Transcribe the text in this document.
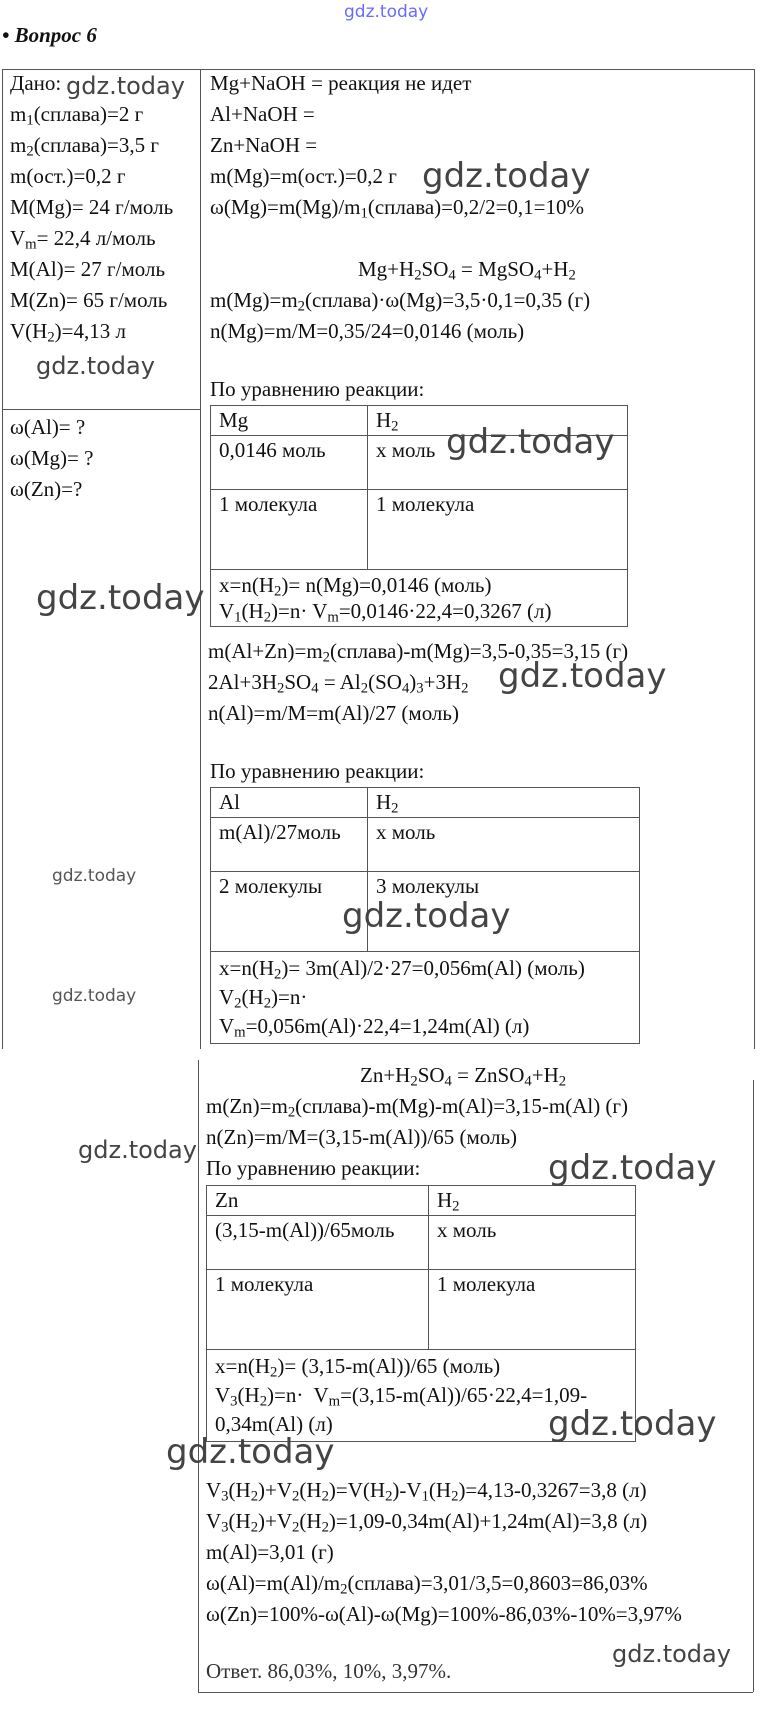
gdz.today
• Вопрос 6
Дано:
$m_1(сплава)=2$ г
$m_2(сплава)=3,5$ г
m(ост.)=0,2 г
M(Mg)= 24 г/моль
$V_m= 22,4$ л/моль
M(Al)= 27 г/моль
M(Zn)= 65 г/моль
$V(H_2)=4,13$ л
ω(Al)= ?
ω(Mg)= ?
ω(Zn)=?
Mg+NaOH = реакция не идет
Al+NaOH =
Zn+NaOH =
m(Mg)=m(ост.)=0,2 г
$\omega(Mg)=m(Mg)/m_1(сплава)=0,2/2=0,1=10\%$
$Mg+H_2SO_4$ = $MgSO_4+H_2$
$m(Mg)=m_2(сплава)\cdot\omega(Mg)=3,5\cdot 0,1=0,35$ (г)
n(Mg)=m/M=0,35/24=0,0146 (моль)
По уравнению реакции:
Mg	$H_2$
0,0146 моль	x моль
1 молекула	1 молекула
$x=n(H_2)= n(Mg)=0,0146$ (моль)
$V_1(H_2)=n\cdot V_m=0,0146\cdot 22,4=0,3267$ (л)	
$m(Al+Zn)=m_2(сплава)-m(Mg)=3,5-0,35=3,15$ (г)
$2Al+3H_2SO_4 = Al_2(SO_4)_3+3H_2$
n(Al)=m/M=m(Al)/27 (моль)
По уравнению реакции:
Al	$H_2$
m(Al)/27моль	x моль
2 молекулы	3 молекулы
$x=n(H_2)= 3m(Al)/2\cdot 27=0,056m(Al)$ (моль)
$V_2(H_2)=n\cdot$
$V_m=0,056m(Al)\cdot 22,4=1,24m(Al)$ (л)	
$Zn+H_2SO_4$ = $ZnSO_4+H_2$
$m(Zn)=m_2(сплава)-m(Mg)-m(Al)=3,15-m(Al)$ (г)
n(Zn)=m/M=(3,15-m(Al))/65 (моль)
По уравнению реакции:
Zn	$H_2$
(3,15-m(Al))/65моль	x моль
1 молекула	1 молекула
$x=n(H_2)= (3,15-m(Al))/65$ (моль)
$V_3(H_2)=n\cdot V_m=(3,15-m(Al))/65\cdot 22,4=1,09-$
0,34m(Al) (л)	
$V_3(H_2)+V_2(H_2)=V(H_2)-V_1(H_2)=4,13-0,3267=3,8$ (л)
$V_3(H_2)+V_2(H_2)=1,09-0,34m(Al)+1,24m(Al)=3,8$ (л)
m(Al)=3,01 (г)
$\omega(Al)=m(Al)/m_2(сплава)=3,01/3,5=0,8603=86,03\%$
ω(Zn)=100%-ω(Al)-ω(Mg)=100%-86,03%-10%=3,97%
Ответ. 86,03%, 10%, 3,97%.
gdz.today
gdz.today
gdz.today
gdz.today
gdz.today
gdz.today
gdz.today
gdz.today
gdz.today
gdz.today	gdz.today
gdz.today
gdz.today
gdz.today
